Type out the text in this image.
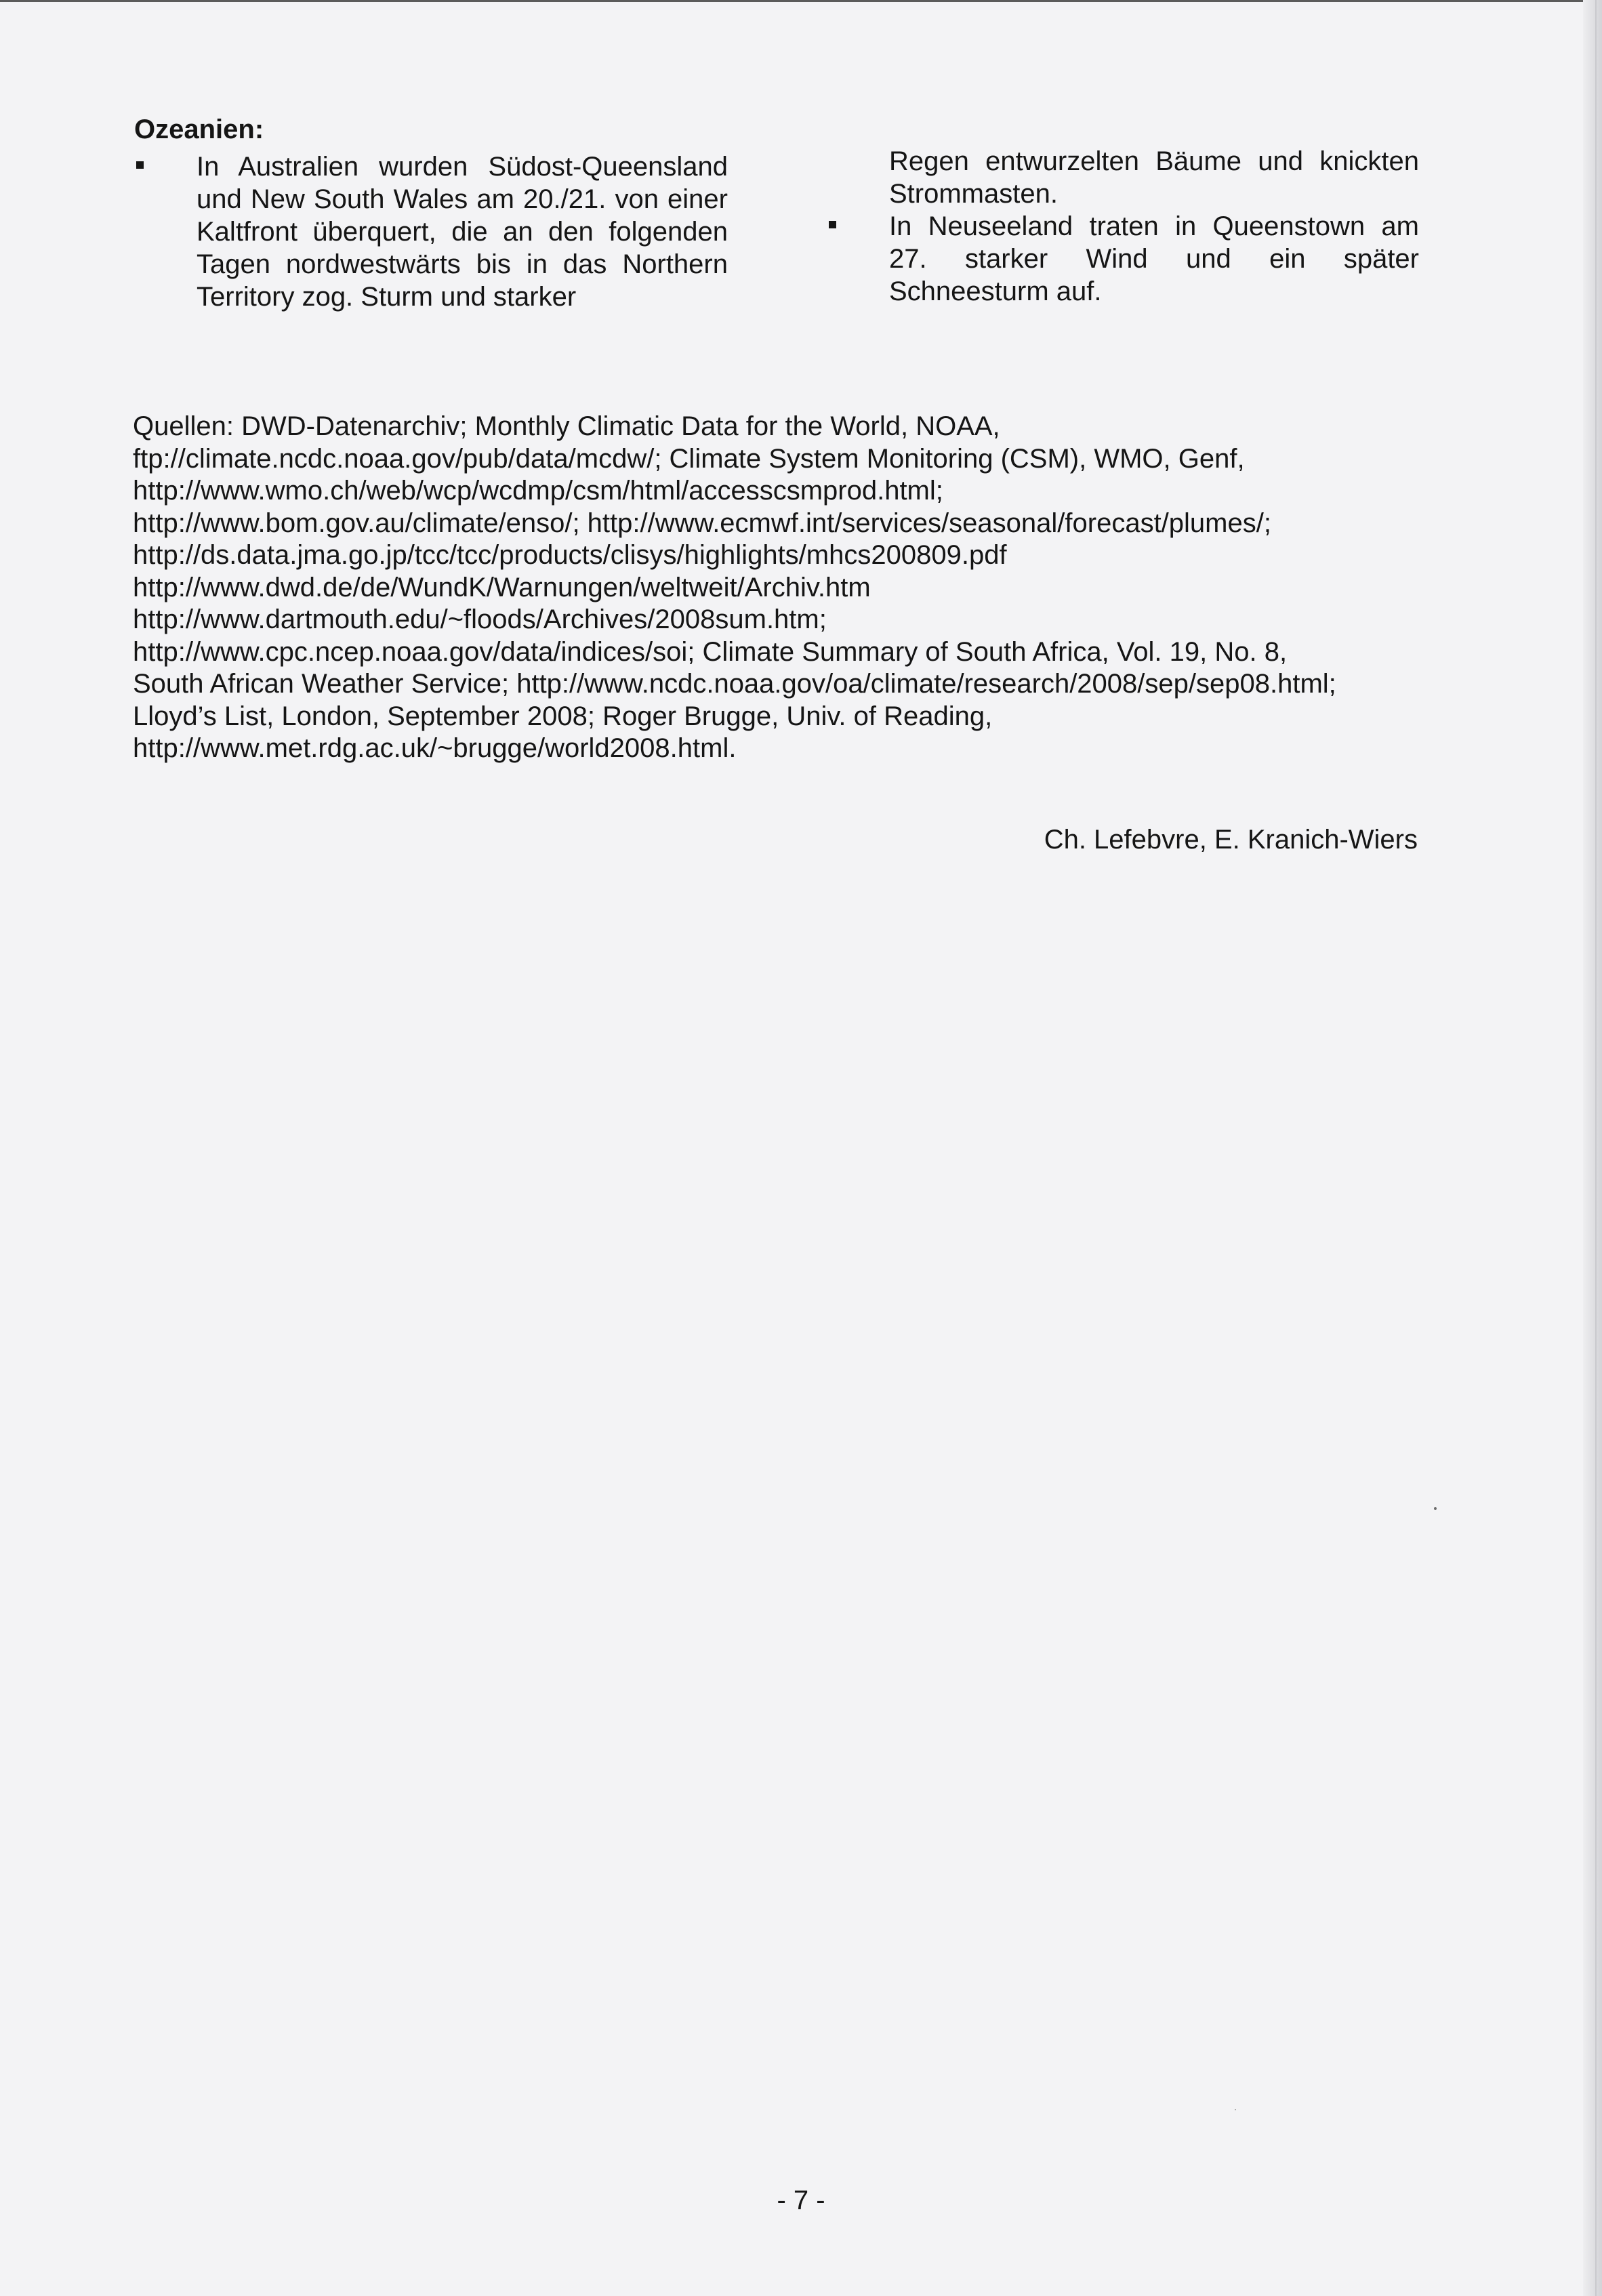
Ozeanien:
In Australien wurden Südost-Queensland und New South Wales am 20./21. von einer Kaltfront überquert, die an den folgenden Tagen nordwestwärts bis in das Northern Territory zog. Sturm und starker
Regen entwurzelten Bäume und knickten Strommasten.
In Neuseeland traten in Queenstown am 27. starker Wind und ein später Schneesturm auf.

Quellen: DWD-Datenarchiv; Monthly Climatic Data for the World, NOAA,
ftp://climate.ncdc.noaa.gov/pub/data/mcdw/; Climate System Monitoring (CSM), WMO, Genf,
http://www.wmo.ch/web/wcp/wcdmp/csm/html/accesscsmprod.html;
http://www.bom.gov.au/climate/enso/; http://www.ecmwf.int/services/seasonal/forecast/plumes/;
http://ds.data.jma.go.jp/tcc/tcc/products/clisys/highlights/mhcs200809.pdf
http://www.dwd.de/de/WundK/Warnungen/weltweit/Archiv.htm
http://www.dartmouth.edu/~floods/Archives/2008sum.htm;
http://www.cpc.ncep.noaa.gov/data/indices/soi; Climate Summary of South Africa, Vol. 19, No. 8,
South African Weather Service; http://www.ncdc.noaa.gov/oa/climate/research/2008/sep/sep08.html;
Lloyd’s List, London, September 2008; Roger Brugge, Univ. of Reading,
http://www.met.rdg.ac.uk/~brugge/world2008.html.

Ch. Lefebvre, E. Kranich-Wiers

- 7 -
